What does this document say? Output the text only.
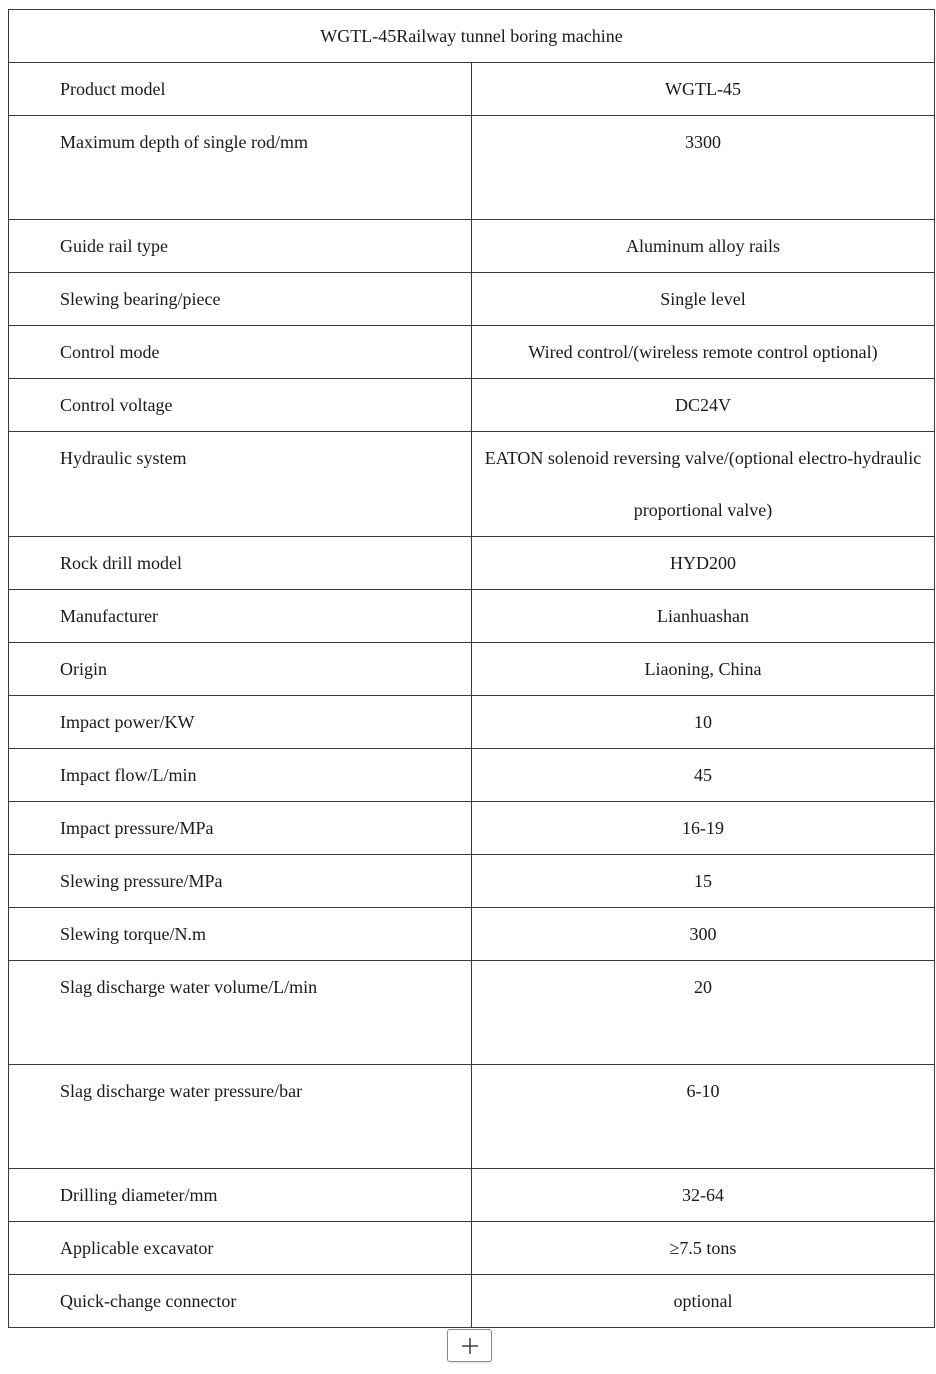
WGTL-45Railway tunnel boring machine	
Product model	WGTL-45
Maximum depth of single rod/mm	3300
Guide rail type	Aluminum alloy rails
Slewing bearing/piece	Single level
Control mode	Wired control/(wireless remote control optional)
Control voltage	DC24V
Hydraulic system	EATON solenoid reversing valve/(optional electro-hydraulic proportional valve)
Rock drill model	HYD200
Manufacturer	Lianhuashan
Origin	Liaoning, China
Impact power/KW	10
Impact flow/L/min	45
Impact pressure/MPa	16-19
Slewing pressure/MPa	15
Slewing torque/N.m	300
Slag discharge water volume/L/min	20
Slag discharge water pressure/bar	6-10
Drilling diameter/mm	32-64
Applicable excavator	≥7.5 tons
Quick-change connector	optional
